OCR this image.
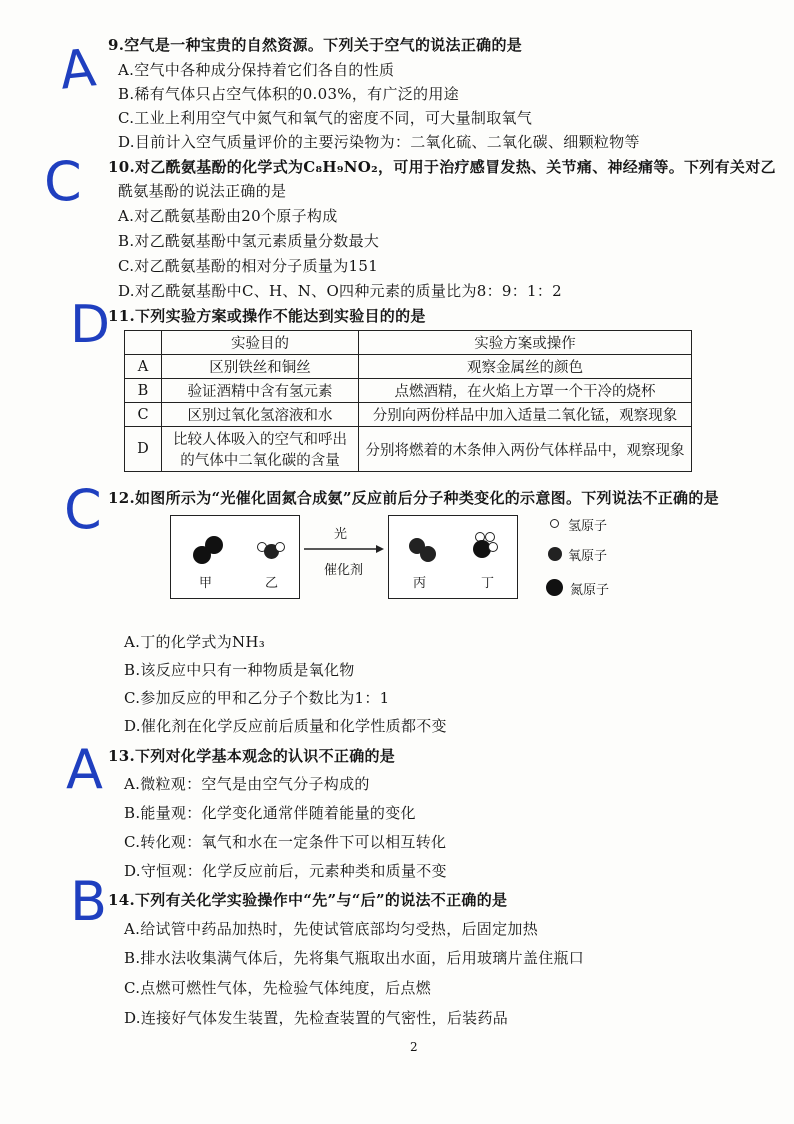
A
C
D
C
A
B
9.空气是一种宝贵的自然资源。下列关于空气的说法正确的是
A.空气中各种成分保持着它们各自的性质
B.稀有气体只占空气体积的0.03%，有广泛的用途
C.工业上利用空气中氮气和氧气的密度不同，可大量制取氧气
D.目前计入空气质量评价的主要污染物为：二氧化硫、二氧化碳、细颗粒物等
10.对乙酰氨基酚的化学式为C₈H₉NO₂，可用于治疗感冒发热、关节痛、神经痛等。下列有关对乙
酰氨基酚的说法正确的是
A.对乙酰氨基酚由20个原子构成
B.对乙酰氨基酚中氢元素质量分数最大
C.对乙酰氨基酚的相对分子质量为151
D.对乙酰氨基酚中C、H、N、O四种元素的质量比为8：9：1：2
11.下列实验方案或操作不能达到实验目的的是
	实验目的	实验方案或操作
A	区别铁丝和铜丝	观察金属丝的颜色
B	验证酒精中含有氢元素	点燃酒精，在火焰上方罩一个干冷的烧杯
C	区别过氧化氢溶液和水	分别向两份样品中加入适量二氧化锰，观察现象
D	比较人体吸入的空气和呼出
的气体中二氧化碳的含量	分别将燃着的木条伸入两份气体样品中，观察现象
12.如图所示为“光催化固氮合成氨”反应前后分子种类变化的示意图。下列说法不正确的是
甲	乙
光
催化剂
丙	丁
氢原子
氧原子
氮原子
A.丁的化学式为NH₃
B.该反应中只有一种物质是氧化物
C.参加反应的甲和乙分子个数比为1：1
D.催化剂在化学反应前后质量和化学性质都不变
13.下列对化学基本观念的认识不正确的是
A.微粒观：空气是由空气分子构成的
B.能量观：化学变化通常伴随着能量的变化
C.转化观：氧气和水在一定条件下可以相互转化
D.守恒观：化学反应前后，元素种类和质量不变
14.下列有关化学实验操作中“先”与“后”的说法不正确的是
A.给试管中药品加热时，先使试管底部均匀受热，后固定加热
B.排水法收集满气体后，先将集气瓶取出水面，后用玻璃片盖住瓶口
C.点燃可燃性气体，先检验气体纯度，后点燃
D.连接好气体发生装置，先检查装置的气密性，后装药品
2
